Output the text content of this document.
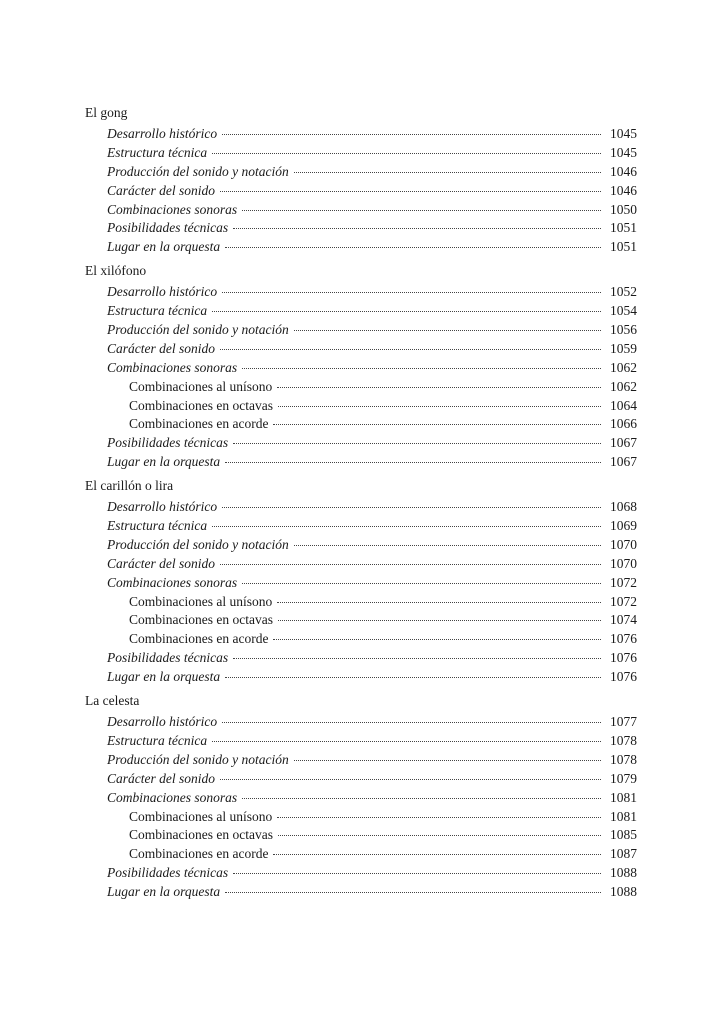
El gong
Desarrollo histórico	1045
Estructura técnica	1045
Producción del sonido y notación	1046
Carácter del sonido	1046
Combinaciones sonoras	1050
Posibilidades técnicas	1051
Lugar en la orquesta	1051
El xilófono
Desarrollo histórico	1052
Estructura técnica	1054
Producción del sonido y notación	1056
Carácter del sonido	1059
Combinaciones sonoras	1062
Combinaciones al unísono	1062
Combinaciones en octavas	1064
Combinaciones en acorde	1066
Posibilidades técnicas	1067
Lugar en la orquesta	1067
El carillón o lira
Desarrollo histórico	1068
Estructura técnica	1069
Producción del sonido y notación	1070
Carácter del sonido	1070
Combinaciones sonoras	1072
Combinaciones al unísono	1072
Combinaciones en octavas	1074
Combinaciones en acorde	1076
Posibilidades técnicas	1076
Lugar en la orquesta	1076
La celesta
Desarrollo histórico	1077
Estructura técnica	1078
Producción del sonido y notación	1078
Carácter del sonido	1079
Combinaciones sonoras	1081
Combinaciones al unísono	1081
Combinaciones en octavas	1085
Combinaciones en acorde	1087
Posibilidades técnicas	1088
Lugar en la orquesta	1088
